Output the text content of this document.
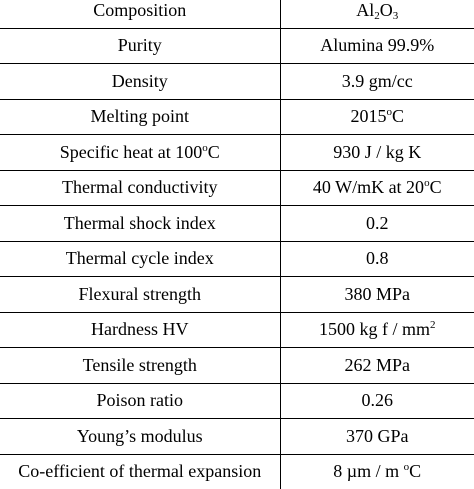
Composition	$Al_2O_3$
Purity	Alumina 99.9%
Density	3.9 gm/cc
Melting point	2015$^o$C
Specific heat at 100$^o$C	930 J / kg K
Thermal conductivity	40 W/mK at 20$^o$C
Thermal shock index	0.2
Thermal cycle index	0.8
Flexural strength	380 MPa
Hardness HV	1500 kg f / $mm^2$
Tensile strength	262 MPa
Poison ratio	0.26
Young’s modulus	370 GPa
Co-efficient of thermal expansion	8 µm / m $^o$C
